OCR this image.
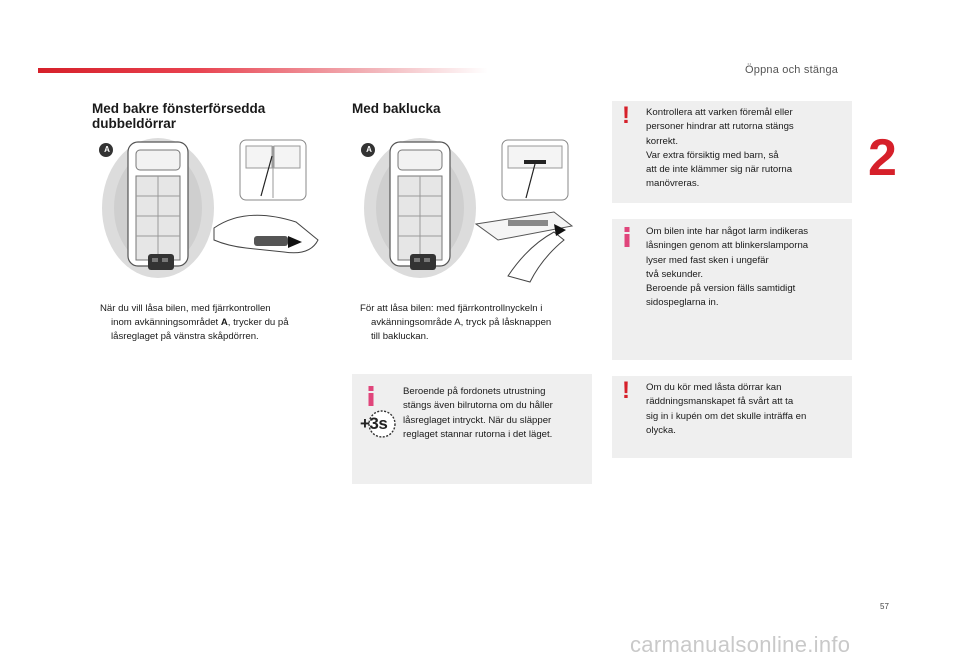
Öppna och stänga
2
57
Med bakre fönsterförsedda
dubbeldörrar
A
När du vill låsa bilen, med fjärrkontrollen
inom avkänningsområdet A, trycker du på
låsreglaget på vänstra skåpdörren.
Med baklucka
A
För att låsa bilen: med fjärrkontrollnyckeln i
avkänningsområde A, tryck på låsknappen
till bakluckan.
+3s
Beroende på fordonets utrustning
stängs även bilrutorna om du håller
låsreglaget intryckt. När du släpper
reglaget stannar rutorna i det läget.
! Kontrollera att varken föremål eller
personer hindrar att rutorna stängs
korrekt.
Var extra försiktig med barn, så
att de inte klämmer sig när rutorna
manövreras.
Om bilen inte har något larm indikeras
låsningen genom att blinkerslamporna
lyser med fast sken i ungefär
två sekunder.
Beroende på version fälls samtidigt
sidospeglarna in.
! Om du kör med låsta dörrar kan
räddningsmanskapet få svårt att ta
sig in i kupén om det skulle inträffa en
olycka.
carmanualsonline.info
